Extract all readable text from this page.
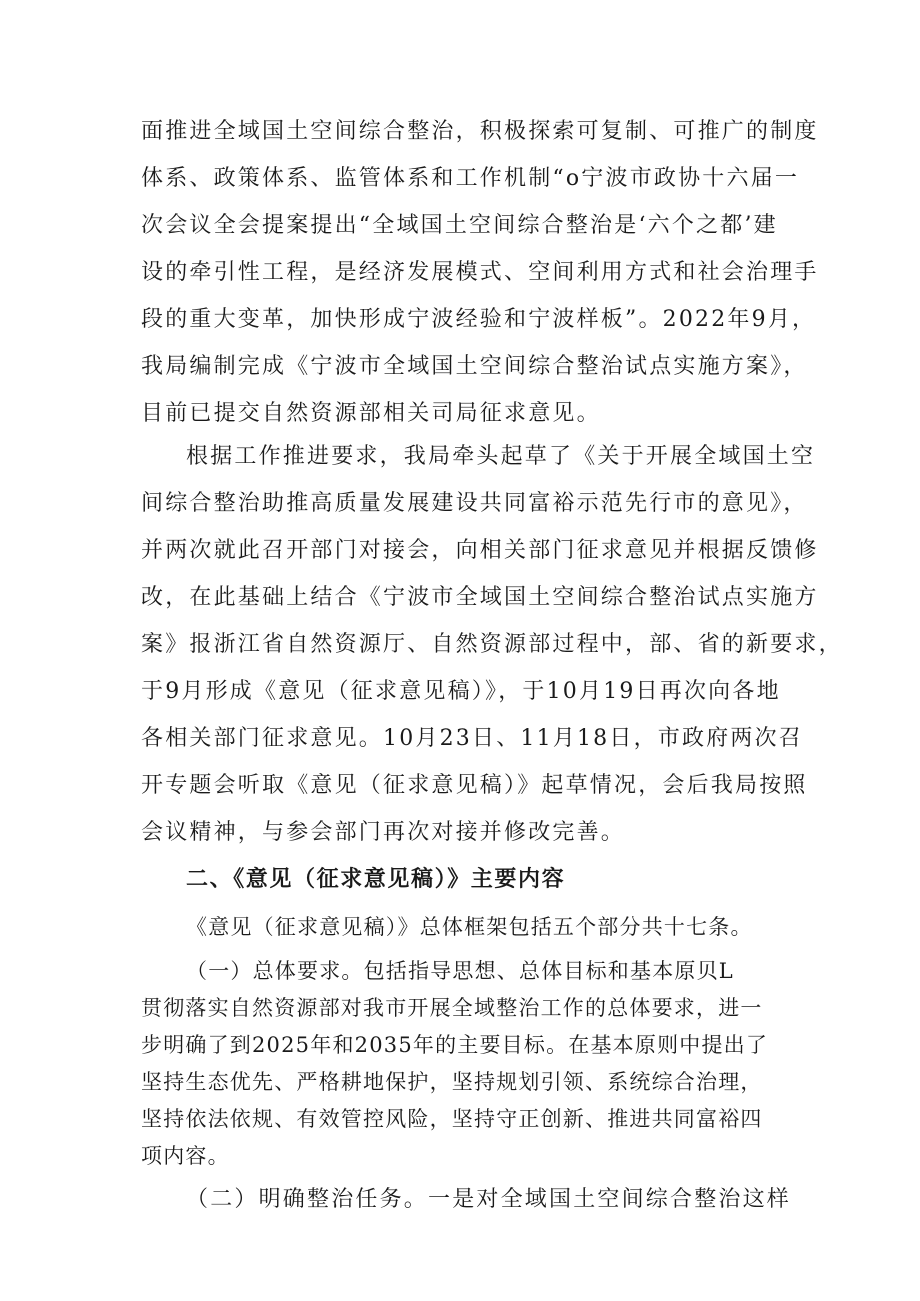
面推进全域国土空间综合整治，积极探索可复制、可推广的制度
体系、政策体系、监管体系和工作机制“o宁波市政协十六届一
次会议全会提案提出“全域国土空间综合整治是‘六个之都’建
设的牵引性工程，是经济发展模式、空间利用方式和社会治理手
段的重大变革，加快形成宁波经验和宁波样板”。2022年9月，
我局编制完成《宁波市全域国土空间综合整治试点实施方案》，
目前已提交自然资源部相关司局征求意见。
根据工作推进要求，我局牵头起草了《关于开展全域国土空
间综合整治助推高质量发展建设共同富裕示范先行市的意见》，
并两次就此召开部门对接会，向相关部门征求意见并根据反馈修
改，在此基础上结合《宁波市全域国土空间综合整治试点实施方
案》报浙江省自然资源厅、自然资源部过程中，部、省的新要求，
于9月形成《意见（征求意见稿）》，于10月19日再次向各地
各相关部门征求意见。10月23日、11月18日，市政府两次召
开专题会听取《意见（征求意见稿）》起草情况，会后我局按照
会议精神，与参会部门再次对接并修改完善。
二、《意见（征求意见稿）》主要内容
《意见（征求意见稿）》总体框架包括五个部分共十七条。
（一）总体要求。包括指导思想、总体目标和基本原贝L
贯彻落实自然资源部对我市开展全域整治工作的总体要求，进一
步明确了到2025年和2035年的主要目标。在基本原则中提出了
坚持生态优先、严格耕地保护，坚持规划引领、系统综合治理，
坚持依法依规、有效管控风险，坚持守正创新、推进共同富裕四
项内容。
（二）明确整治任务。一是对全域国土空间综合整治这样
